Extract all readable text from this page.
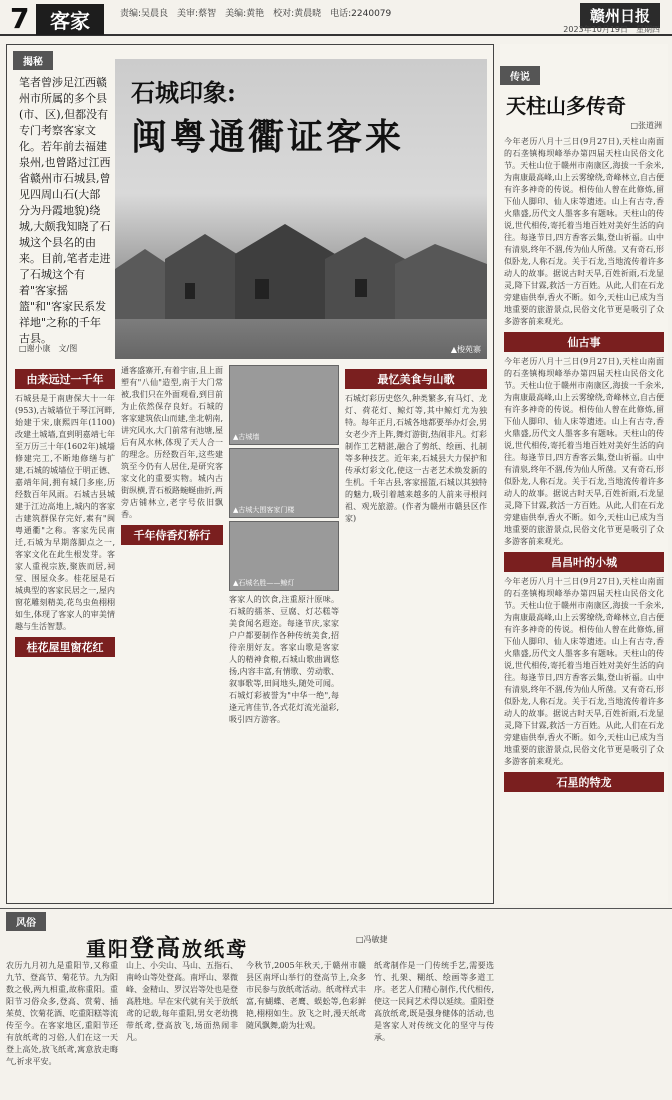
7	客家	责编:吴晨良　美审:蔡智　美编:黄艳　校对:黄晨晓　电话:2240079	赣州日报
2023年10月19日　星期四
揭秘
笔者曾涉足江西赣州市所属的多个县(市、区),但都没有专门考察客家文化。若年前去福建泉州,也曾路过江西省赣州市石城县,曾见四周山石(大部分为丹霞地貌)绕城,大颇我知晓了石城这个县名的由来。目前,笔者走进了石城这个有着"客家摇篮"和"客家民系发祥地"之称的千年古县。
□谢小康　文/图
石城印象:
闽粤通衢证客来
▲梭苑寨
由来远过一千年
石城县是于南唐保大十一年(953),古城墙位于琴江河畔,始建于宋,康熙四年(1100)改建土城墙,直到明嘉靖七年至万历三十年(1602年)城墙修建完工,不断地修缮与扩建,石城的城墙位于明正德、嘉靖年间,拥有城门多座,历经数百年风雨。石城古县城建于江边高地上,城内的客家古建筑群保存完好,素有"闽粤通衢"之称。客家先民南迁,石城为早期落脚点之一,客家文化在此生根发芽。客家人重视宗族,聚族而居,祠堂、围屋众多。桂花屋是石城典型的客家民居之一,屋内窗花雕刻精美,花鸟虫鱼栩栩如生,体现了客家人的审美情趣与生活智慧。
桂花屋里窗花红
通客盛寨开,有着宇宙,且上面塑有"八仙"造型,南于大门常被,我们只在外面观看,到目前为止依然保存良好。石城的客家建筑依山而建,坐北朝南,讲究风水,大门前常有池塘,屋后有风水林,体现了天人合一的理念。历经数百年,这些建筑至今仍有人居住,是研究客家文化的重要实物。城内古街纵横,青石板路蜿蜒曲折,两旁店铺林立,老字号依旧飘香。
千年侍香灯桥行
▲古城墙
▲古城大围客家门楼
▲石城名胜——鲸灯
客家人的饮食,注重原汁原味。石城的擂茶、豆腐、灯芯糕等美食闻名遐迩。每逢节庆,家家户户都要制作各种传统美食,招待亲朋好友。客家山歌是客家人的精神食粮,石城山歌曲调悠扬,内容丰富,有情歌、劳动歌、叙事歌等,田间地头,随处可闻。石城灯彩被誉为"中华一绝",每逢元宵佳节,各式花灯流光溢彩,吸引四方游客。
最忆美食与山歌
石城灯彩历史悠久,种类繁多,有马灯、龙灯、荷花灯、鲸灯等,其中鲸灯尤为独特。每年正月,石城各地都要举办灯会,男女老少齐上阵,舞灯游街,热闹非凡。灯彩制作工艺精湛,融合了剪纸、绘画、扎制等多种技艺。近年来,石城县大力保护和传承灯彩文化,使这一古老艺术焕发新的生机。千年古县,客家摇篮,石城以其独特的魅力,吸引着越来越多的人前来寻根问祖、观光旅游。(作者为赣州市赣县区作家)
传说
天柱山多传奇
□张道洲
今年老历八月十三日(9月27日),天柱山南面的石垄镇梅坝峰举办第四届天柱山民俗文化节。天柱山位于赣州市南康区,海拔一千余米,为南康最高峰,山上云雾缭绕,奇峰林立,自古便有许多神奇的传说。相传仙人曾在此修炼,留下仙人脚印、仙人床等遗迹。山上有古寺,香火鼎盛,历代文人墨客多有题咏。天柱山的传说,世代相传,寄托着当地百姓对美好生活的向往。每逢节日,四方香客云集,登山祈福。山中有清泉,终年不涸,传为仙人所凿。又有奇石,形似卧龙,人称石龙。关于石龙,当地流传着许多动人的故事。据说古时天旱,百姓祈雨,石龙显灵,降下甘霖,救活一方百姓。从此,人们在石龙旁建庙供奉,香火不断。如今,天柱山已成为当地重要的旅游景点,民俗文化节更是吸引了众多游客前来观光。
仙古事
今年老历八月十三日(9月27日),天柱山南面的石垄镇梅坝峰举办第四届天柱山民俗文化节。天柱山位于赣州市南康区,海拔一千余米,为南康最高峰,山上云雾缭绕,奇峰林立,自古便有许多神奇的传说。相传仙人曾在此修炼,留下仙人脚印、仙人床等遗迹。山上有古寺,香火鼎盛,历代文人墨客多有题咏。天柱山的传说,世代相传,寄托着当地百姓对美好生活的向往。每逢节日,四方香客云集,登山祈福。山中有清泉,终年不涸,传为仙人所凿。又有奇石,形似卧龙,人称石龙。关于石龙,当地流传着许多动人的故事。据说古时天旱,百姓祈雨,石龙显灵,降下甘霖,救活一方百姓。从此,人们在石龙旁建庙供奉,香火不断。如今,天柱山已成为当地重要的旅游景点,民俗文化节更是吸引了众多游客前来观光。
昌昌叶的小城
今年老历八月十三日(9月27日),天柱山南面的石垄镇梅坝峰举办第四届天柱山民俗文化节。天柱山位于赣州市南康区,海拔一千余米,为南康最高峰,山上云雾缭绕,奇峰林立,自古便有许多神奇的传说。相传仙人曾在此修炼,留下仙人脚印、仙人床等遗迹。山上有古寺,香火鼎盛,历代文人墨客多有题咏。天柱山的传说,世代相传,寄托着当地百姓对美好生活的向往。每逢节日,四方香客云集,登山祈福。山中有清泉,终年不涸,传为仙人所凿。又有奇石,形似卧龙,人称石龙。关于石龙,当地流传着许多动人的故事。据说古时天旱,百姓祈雨,石龙显灵,降下甘霖,救活一方百姓。从此,人们在石龙旁建庙供奉,香火不断。如今,天柱山已成为当地重要的旅游景点,民俗文化节更是吸引了众多游客前来观光。
石星的特龙
风俗
重阳登高放纸鸢	□冯敏捷
农历九月初九是重阳节,又称重九节、登高节、菊花节。九为阳数之极,两九相重,故称重阳。重阳节习俗众多,登高、赏菊、插茱萸、饮菊花酒、吃重阳糕等流传至今。在客家地区,重阳节还有放纸鸢的习俗,人们在这一天登上高处,放飞纸鸢,寓意放走晦气,祈求平安。
山上、小尖山、马山、五指石、南岭山等处登高。南坪山、翠微峰、金精山、罗汉岩等处也是登高胜地。早在宋代就有关于放纸鸢的记载,每年重阳,男女老幼携带纸鸢,登高放飞,场面热闹非凡。
今秋节,2005年秋天,于赣州市赣县区南坪山举行的登高节上,众多市民参与放纸鸢活动。纸鸢样式丰富,有蝴蝶、老鹰、蜈蚣等,色彩鲜艳,栩栩如生。放飞之时,漫天纸鸢随风飘舞,蔚为壮观。
纸鸢制作是一门传统手艺,需要选竹、扎架、糊纸、绘画等多道工序。老艺人们精心制作,代代相传,使这一民间艺术得以延续。重阳登高放纸鸢,既是强身健体的活动,也是客家人对传统文化的坚守与传承。
